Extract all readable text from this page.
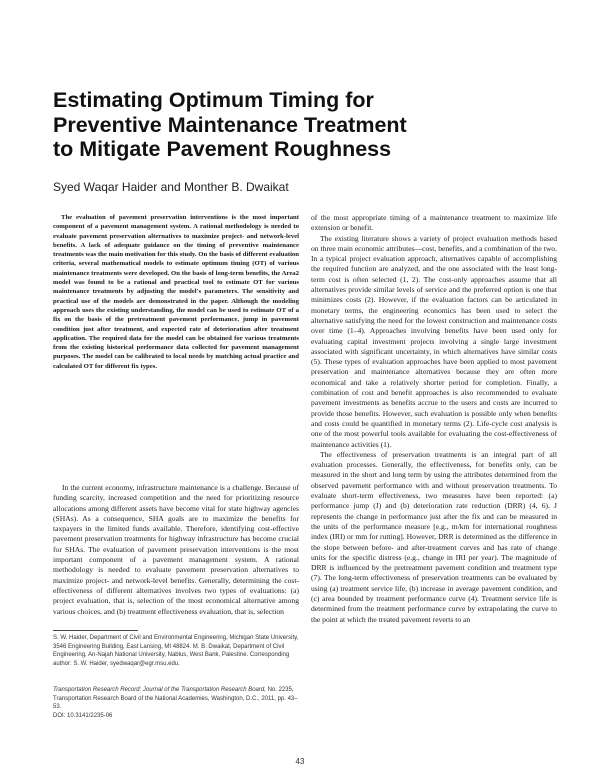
Estimating Optimum Timing for
Preventive Maintenance Treatment
to Mitigate Pavement Roughness
Syed Waqar Haider and Monther B. Dwaikat

The evaluation of pavement preservation interventions is the most important component of a pavement management system. A rational methodology is needed to evaluate pavement preservation alternatives to maximize project- and network-level benefits. A lack of adequate guidance on the timing of preventive maintenance treatments was the main motivation for this study. On the basis of different evaluation criteria, several mathematical models to estimate optimum timing (OT) of various maintenance treatments were developed. On the basis of long-term benefits, the Area2 model was found to be a rational and practical tool to estimate OT for various maintenance treatments by adjusting the model's parameters. The sensitivity and practical use of the models are demonstrated in the paper. Although the modeling approach uses the existing understanding, the model can be used to estimate OT of a fix on the basis of the pretreatment pavement performance, jump in pavement condition just after treatment, and expected rate of deterioration after treatment application. The required data for the model can be obtained for various treatments from the existing historical performance data collected for pavement management purposes. The model can be calibrated to local needs by matching actual practice and calculated OT for different fix types.

In the current economy, infrastructure maintenance is a challenge. Because of funding scarcity, increased competition and the need for prioritizing resource allocations among different assets have become vital for state highway agencies (SHAs). As a consequence, SHA goals are to maximize the benefits for taxpayers in the limited funds available. Therefore, identifying cost-effective pavement preservation treatments for highway infrastructure has become crucial for SHAs. The evaluation of pavement preservation interventions is the most important component of a pavement management system. A rational methodology is needed to evaluate pavement preservation alternatives to maximize project- and network-level benefits. Generally, determining the cost-effectiveness of different alternatives involves two types of evaluations: (a) project evaluation, that is, selection of the most economical alternative among various choices, and (b) treatment effectiveness evaluation, that is, selection

S. W. Haider, Department of Civil and Environmental Engineering, Michigan State University, 3546 Engineering Building, East Lansing, MI 48824. M. B. Dwaikat, Department of Civil Engineering, An-Najah National University, Nablus, West Bank, Palestine. Corresponding author: S. W. Haider, syedwaqar@egr.msu.edu.
Transportation Research Record: Journal of the Transportation Research Board, No. 2235, Transportation Research Board of the National Academies, Washington, D.C., 2011, pp. 43–53.
DOI: 10.3141/2235-06

of the most appropriate timing of a maintenance treatment to maximize life extension or benefit.

The existing literature shows a variety of project evaluation methods based on three main economic attributes—cost, benefits, and a combination of the two. In a typical project evaluation approach, alternatives capable of accomplishing the required function are analyzed, and the one associated with the least long-term cost is often selected (1, 2). The cost-only approaches assume that all alternatives provide similar levels of service and the preferred option is one that minimizes costs (2). However, if the evaluation factors can be articulated in monetary terms, the engineering economics has been used to select the alternative satisfying the need for the lowest construction and maintenance costs over time (1–4). Approaches involving benefits have been used only for evaluating capital investment projects involving a single large investment associated with significant uncertainty, in which alternatives have similar costs (5). These types of evaluation approaches have been applied to most pavement preservation and maintenance alternatives because they are often more economical and take a relatively shorter period for completion. Finally, a combination of cost and benefit approaches is also recommended to evaluate pavement investments as benefits accrue to the users and costs are incurred to provide those benefits. However, such evaluation is possible only when benefits and costs could be quantified in monetary terms (2). Life-cycle cost analysis is one of the most powerful tools available for evaluating the cost-effectiveness of maintenance activities (1).

The effectiveness of preservation treatments is an integral part of all evaluation processes. Generally, the effectiveness, for benefits only, can be measured in the short and long term by using the attributes determined from the observed pavement performance with and without preservation treatments. To evaluate short-term effectiveness, two measures have been reported: (a) performance jump (J) and (b) deterioration rate reduction (DRR) (4, 6). J represents the change in performance just after the fix and can be measured in the units of the performance measure [e.g., m/km for international roughness index (IRI) or mm for rutting]. However, DRR is determined as the difference in the slope between before- and after-treatment curves and has rate of change units for the specific distress (e.g., change in IRI per year). The magnitude of DRR is influenced by the pretreatment pavement condition and treatment type (7). The long-term effectiveness of preservation treatments can be evaluated by using (a) treatment service life, (b) increase in average pavement condition, and (c) area bounded by treatment performance curve (4). Treatment service life is determined from the treatment performance curve by extrapolating the curve to the point at which the treated pavement reverts to an

43
